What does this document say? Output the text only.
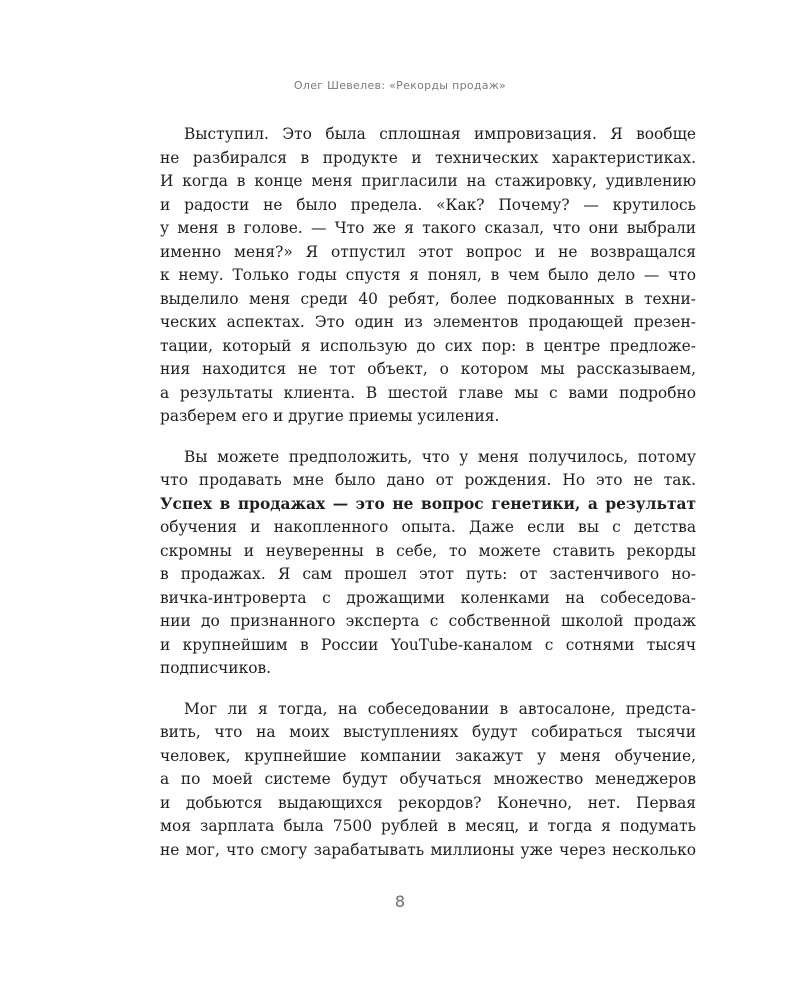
Олег Шевелев: «Рекорды продаж»
Выступил. Это была сплошная импровизация. Я вообще
не разбирался в продукте и технических характеристиках.
И когда в конце меня пригласили на стажировку, удивлению
и радости не было предела. «Как? Почему? — крутилось
у меня в голове. — Что же я такого сказал, что они выбрали
именно меня?» Я отпустил этот вопрос и не возвращался
к нему. Только годы спустя я понял, в чем было дело — что
выделило меня среди 40 ребят, более подкованных в техни-
ческих аспектах. Это один из элементов продающей презен-
тации, который я использую до сих пор: в центре предложе-
ния находится не тот объект, о котором мы рассказываем,
а результаты клиента. В шестой главе мы с вами подробно
разберем его и другие приемы усиления.
Вы можете предположить, что у меня получилось, потому
что продавать мне было дано от рождения. Но это не так.
Успех в продажах — это не вопрос генетики, а результат
обучения и накопленного опыта. Даже если вы с детства
скромны и неуверенны в себе, то можете ставить рекорды
в продажах. Я сам прошел этот путь: от застенчивого но-
вичка-интроверта с дрожащими коленками на собеседова-
нии до признанного эксперта с собственной школой продаж
и крупнейшим в России YouTube-каналом с сотнями тысяч
подписчиков.
Мог ли я тогда, на собеседовании в автосалоне, предста-
вить, что на моих выступлениях будут собираться тысячи
человек, крупнейшие компании закажут у меня обучение,
а по моей системе будут обучаться множество менеджеров
и добьются выдающихся рекордов? Конечно, нет. Первая
моя зарплата была 7500 рублей в месяц, и тогда я подумать
не мог, что смогу зарабатывать миллионы уже через несколько
8
